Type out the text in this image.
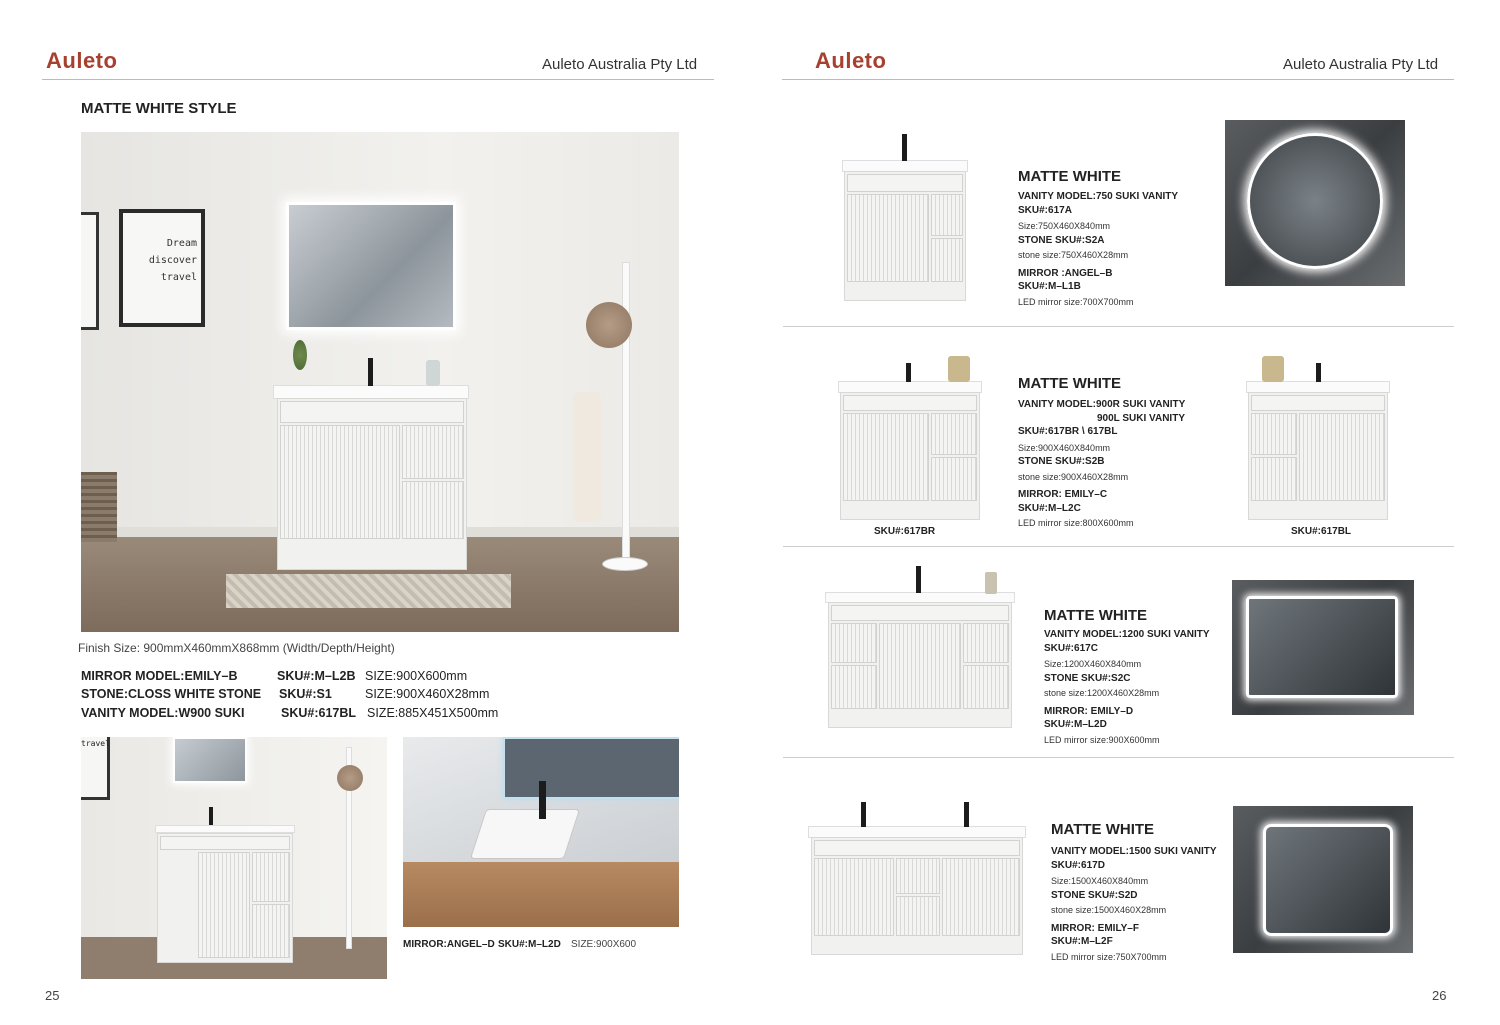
Auleto	Auleto Australia Pty Ltd
MATTE WHITE STYLE
Dream
discover
travel
Finish Size: 900mmX460mmX868mm (Width/Depth/Height)
MIRROR MODEL:EMILY–B	SKU#:M–L2B SIZE:900X600mm
STONE:CLOSS WHITE STONE SKU#:S1	SIZE:900X460X28mm
VANITY MODEL:W900 SUKI	SKU#:617BL SIZE:885X451X500mm
travel
MIRROR:ANGEL–D SKU#:M–L2D SIZE:900X600
25
Auleto	Auleto Australia Pty Ltd
MATTE WHITE
VANITY MODEL:750 SUKI VANITY
SKU#:617A
Size:750X460X840mm
STONE SKU#:S2A
stone size:750X460X28mm
MIRROR :ANGEL–B
SKU#:M–L1B
LED mirror size:700X700mm
SKU#:617BR
MATTE WHITE
VANITY MODEL:900R SUKI VANITY
900L SUKI VANITY
SKU#:617BR \ 617BL
Size:900X460X840mm
STONE SKU#:S2B
stone size:900X460X28mm
MIRROR: EMILY–C
SKU#:M–L2C
LED mirror size:800X600mm
SKU#:617BL
MATTE WHITE
VANITY MODEL:1200 SUKI VANITY
SKU#:617C
Size:1200X460X840mm
STONE SKU#:S2C
stone size:1200X460X28mm
MIRROR: EMILY–D
SKU#:M–L2D
LED mirror size:900X600mm
MATTE WHITE
VANITY MODEL:1500 SUKI VANITY
SKU#:617D
Size:1500X460X840mm
STONE SKU#:S2D
stone size:1500X460X28mm
MIRROR: EMILY–F
SKU#:M–L2F
LED mirror size:750X700mm
26
